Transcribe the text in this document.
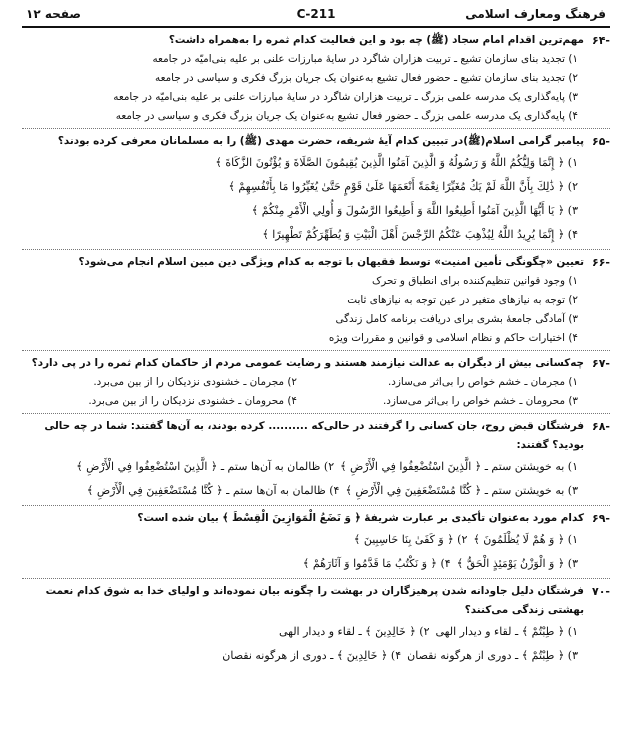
فرهنگ ومعارف اسلامی
211-C
صفحه ۱۲
-۶۴

مهم‌ترین اقدام امام سجاد (ﷺ) چه بود و این فعالیت کدام ثمره را به‌همراه داشت؟

۱) تجدید بنای سازمان تشیع ـ تربیت هزاران شاگرد در سایهٔ مبارزات علنی بر علیه بنی‌امیّه در جامعه
۲) تجدید بنای سازمان تشیع ـ حضور فعال تشیع به‌عنوان یک جریان بزرگ فکری و سیاسی در جامعه
۳) پایه‌گذاری یک مدرسه علمی بزرگ ـ تربیت هزاران شاگرد در سایهٔ مبارزات علنی بر علیه بنی‌امیّه در جامعه
۴) پایه‌گذاری یک مدرسه علمی بزرگ ـ حضور فعال تشیع به‌عنوان یک جریان بزرگ فکری و سیاسی در جامعه
-۶۵

پیامبر گرامی اسلام(ﷺ)در تبیین کدام آیهٔ شریفه، حضرت مهدی (ﷺ) را به مسلمانان معرفی کرده بودند؟

۱) ﴿ إِنَّمَا وَلِيُّكُمُ اللَّهُ وَ رَسُولُهُ وَ الَّذِينَ آمَنُوا الَّذِينَ يُقِيمُونَ الصَّلَاةَ وَ يُؤْتُونَ الزَّكَاةَ ﴾
۲) ﴿ ذَٰلِكَ بِأَنَّ اللَّهَ لَمْ يَكُ مُغَيِّرًا نِعْمَةً أَنْعَمَهَا عَلَىٰ قَوْمٍ حَتَّىٰ يُغَيِّرُوا مَا بِأَنْفُسِهِمْ ﴾
۳) ﴿ يَا أَيُّهَا الَّذِينَ آمَنُوا أَطِيعُوا اللَّهَ وَ أَطِيعُوا الرَّسُولَ وَ أُولِي الْأَمْرِ مِنْكُمْ ﴾
۴) ﴿ إِنَّمَا يُرِيدُ اللَّهُ لِيُذْهِبَ عَنْكُمُ الرِّجْسَ أَهْلَ الْبَيْتِ وَ يُطَهِّرَكُمْ تَطْهِيرًا ﴾
-۶۶

تعیین «چگونگی تأمین امنیت» توسط فقیهان با توجه به کدام ویژگی دین مبین اسلام انجام می‌شود؟

۱) وجود قوانین تنظیم‌کننده برای انطباق و تحرک
۲) توجه به نیازهای متغیر در عین توجه به نیازهای ثابت
۳) آمادگی جامعهٔ بشری برای دریافت برنامه کامل زندگی
۴) اختیارات حاکم و نظام اسلامی و قوانین و مقررات ویژه
-۶۷

چه‌کسانی بیش از دیگران به عدالت نیازمند هستند و رضایت عمومی مردم از حاکمان کدام ثمره را در پی دارد؟

۱) مجرمان ـ خشم خواص را بی‌اثر می‌سازد.
۲) مجرمان ـ خشنودی نزدیکان را از بین می‌برد.
۳) محرومان ـ خشم خواص را بی‌اثر می‌سازد.
۴) محرومان ـ خشنودی نزدیکان را از بین می‌برد.
-۶۸

فرشتگان قبض روح، جان کسانی را گرفتند در حالی‌که .......... کرده بودند، به آن‌ها گفتند: شما در چه حالی بودید؟ گفتند:

۱) به خویشتن ستم ـ ﴿ الَّذِينَ اسْتُضْعِفُوا فِي الْأَرْضِ ﴾
۲) ظالمان به آن‌ها ستم ـ ﴿ الَّذِينَ اسْتُضْعِفُوا فِي الْأَرْضِ ﴾
۳) به خویشتن ستم ـ ﴿ كُنَّا مُسْتَضْعَفِينَ فِي الْأَرْضِ ﴾
۴) ظالمان به آن‌ها ستم ـ ﴿ كُنَّا مُسْتَضْعَفِينَ فِي الْأَرْضِ ﴾
-۶۹

کدام مورد به‌عنوان تأکیدی بر عبارت شریفهٔ ﴿ وَ نَضَعُ الْمَوَازِينَ الْقِسْطَ ﴾ بیان شده است؟

۱) ﴿ وَ هُمْ لَا يُظْلَمُونَ ﴾
۲) ﴿ وَ كَفَىٰ بِنَا حَاسِبِينَ ﴾
۳) ﴿ وَ الْوَزْنُ يَوْمَئِذٍ الْحَقُّ ﴾
۴) ﴿ وَ نَكْتُبُ مَا قَدَّمُوا وَ آثَارَهُمْ ﴾
-۷۰

فرشتگان دلیل جاودانه شدن پرهیزگاران در بهشت را چگونه بیان نموده‌اند و اولیای خدا به شوق کدام نعمت بهشتی زندگی می‌کنند؟

۱) ﴿ طِبْتُمْ ﴾ ـ لقاء و دیدار الهی
۲) ﴿ خَالِدِينَ ﴾ ـ لقاء و دیدار الهی
۳) ﴿ طِبْتُمْ ﴾ ـ دوری از هرگونه نقصان
۴) ﴿ خَالِدِينَ ﴾ ـ دوری از هرگونه نقصان
